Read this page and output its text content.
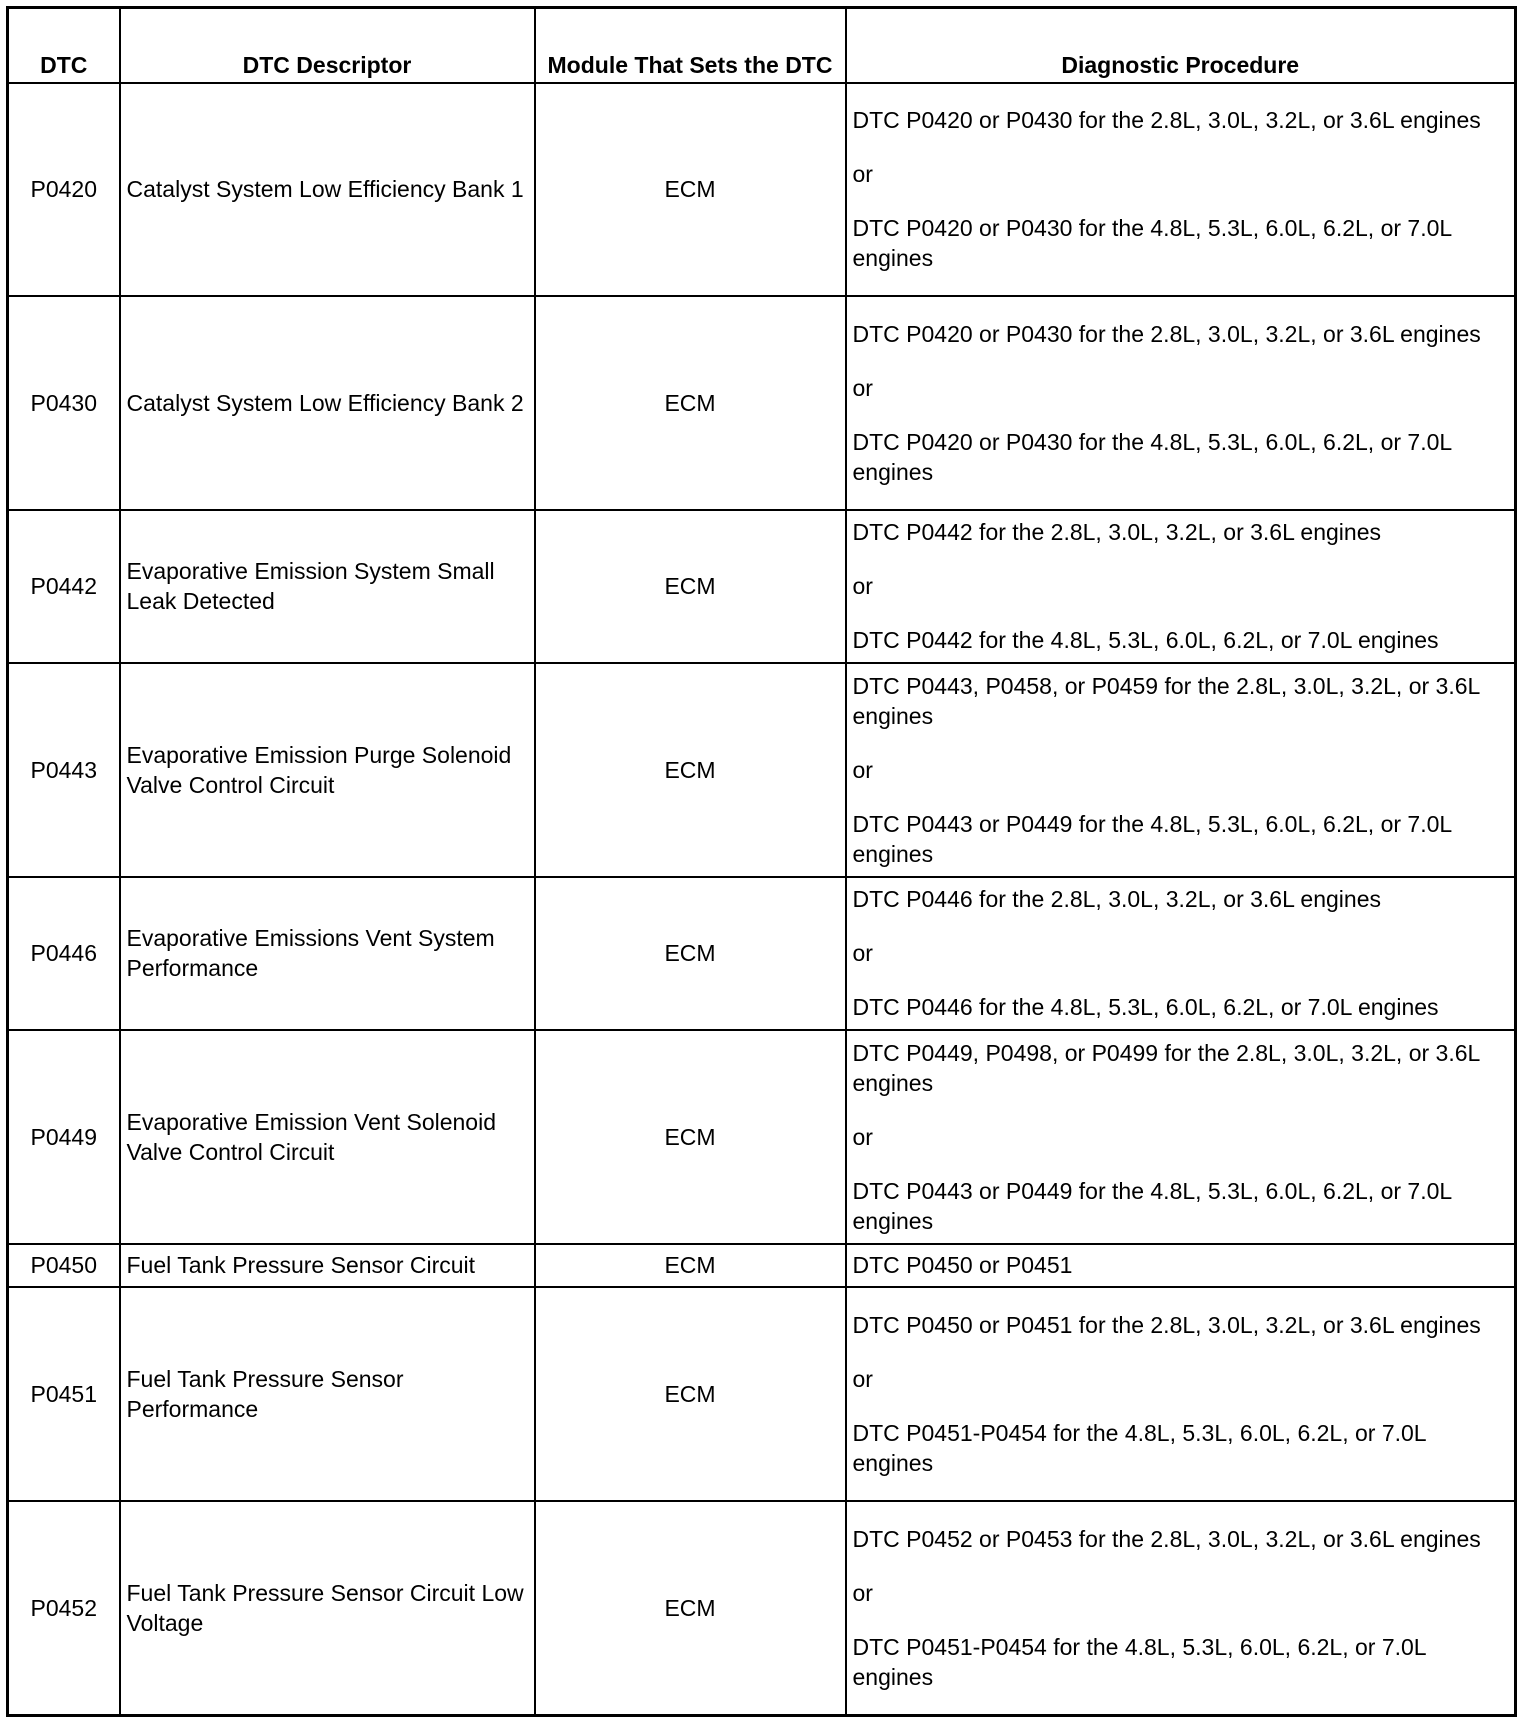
DTC	DTC Descriptor	Module That Sets the DTC	Diagnostic Procedure
P0420	Catalyst System Low Efficiency Bank 1	ECM	DTC P0420 or P0430 for the 2.8L, 3.0L, 3.2L, or 3.6L engines
or
DTC P0420 or P0430 for the 4.8L, 5.3L, 6.0L, 6.2L, or 7.0L engines

P0430	Catalyst System Low Efficiency Bank 2	ECM	DTC P0420 or P0430 for the 2.8L, 3.0L, 3.2L, or 3.6L engines
or
DTC P0420 or P0430 for the 4.8L, 5.3L, 6.0L, 6.2L, or 7.0L engines

P0442	Evaporative Emission System Small Leak Detected	ECM	DTC P0442 for the 2.8L, 3.0L, 3.2L, or 3.6L engines
or
DTC P0442 for the 4.8L, 5.3L, 6.0L, 6.2L, or 7.0L engines

P0443	Evaporative Emission Purge Solenoid Valve Control Circuit	ECM	DTC P0443, P0458, or P0459 for the 2.8L, 3.0L, 3.2L, or 3.6L engines
or
DTC P0443 or P0449 for the 4.8L, 5.3L, 6.0L, 6.2L, or 7.0L engines

P0446	Evaporative Emissions Vent System Performance	ECM	DTC P0446 for the 2.8L, 3.0L, 3.2L, or 3.6L engines
or
DTC P0446 for the 4.8L, 5.3L, 6.0L, 6.2L, or 7.0L engines

P0449	Evaporative Emission Vent Solenoid Valve Control Circuit	ECM	DTC P0449, P0498, or P0499 for the 2.8L, 3.0L, 3.2L, or 3.6L engines
or
DTC P0443 or P0449 for the 4.8L, 5.3L, 6.0L, 6.2L, or 7.0L engines

P0450	Fuel Tank Pressure Sensor Circuit	ECM	DTC P0450 or P0451

P0451	Fuel Tank Pressure Sensor Performance	ECM	DTC P0450 or P0451 for the 2.8L, 3.0L, 3.2L, or 3.6L engines
or
DTC P0451-P0454 for the 4.8L, 5.3L, 6.0L, 6.2L, or 7.0L engines

P0452	Fuel Tank Pressure Sensor Circuit Low Voltage	ECM	DTC P0452 or P0453 for the 2.8L, 3.0L, 3.2L, or 3.6L engines
or
DTC P0451-P0454 for the 4.8L, 5.3L, 6.0L, 6.2L, or 7.0L engines
